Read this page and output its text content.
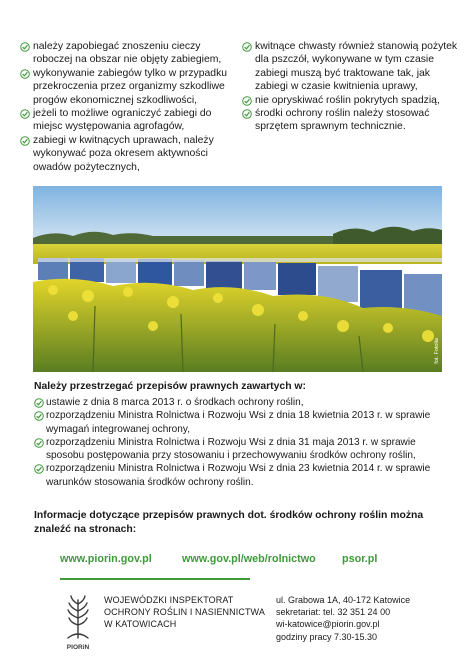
należy zapobiegać znoszeniu cieczy roboczej na obszar nie objęty zabiegiem,
wykonywanie zabiegów tylko w przypadku przekroczenia przez organizmy szkodliwe progów ekonomicznej szkodliwości,
jeżeli to możliwe ograniczyć zabiegi do miejsc występowania agrofagów,
zabiegi w kwitnących uprawach, należy wykonywać poza okresem aktywności owadów pożytecznych,
kwitnące chwasty również stanowią pożytek dla pszczół, wykonywane w tym czasie zabiegi muszą być traktowane tak, jak zabiegi w czasie kwitnienia uprawy,
nie opryskiwać roślin pokrytych spadzią,
środki ochrony roślin należy stosować sprzętem sprawnym technicznie.
fot. Fotolia
Należy przestrzegać przepisów prawnych zawartych w:
ustawie z dnia 8 marca 2013 r. o środkach ochrony roślin,
rozporządzeniu Ministra Rolnictwa i Rozwoju Wsi z dnia 18 kwietnia 2013 r. w sprawie wymagań integrowanej ochrony,
rozporządzeniu Ministra Rolnictwa i Rozwoju Wsi z dnia 31 maja 2013 r. w sprawie sposobu postępowania przy stosowaniu i przechowywaniu środków ochrony roślin,
rozporządzeniu Ministra Rolnictwa i Rozwoju Wsi z dnia 23 kwietnia 2014 r. w sprawie warunków stosowania środków ochrony roślin.
Informacje dotyczące przepisów prawnych dot. środków ochrony roślin można znaleźć na stronach:
www.piorin.gov.pl	www.gov.pl/web/rolnictwo psor.pl
PIORiN
WOJEWÓDZKI INSPEKTORAT
OCHRONY ROŚLIN I NASIENNICTWA
W KATOWICACH
ul. Grabowa 1A, 40-172 Katowice
sekretariat: tel. 32 351 24 00
wi-katowice@piorin.gov.pl
godziny pracy 7.30-15.30
